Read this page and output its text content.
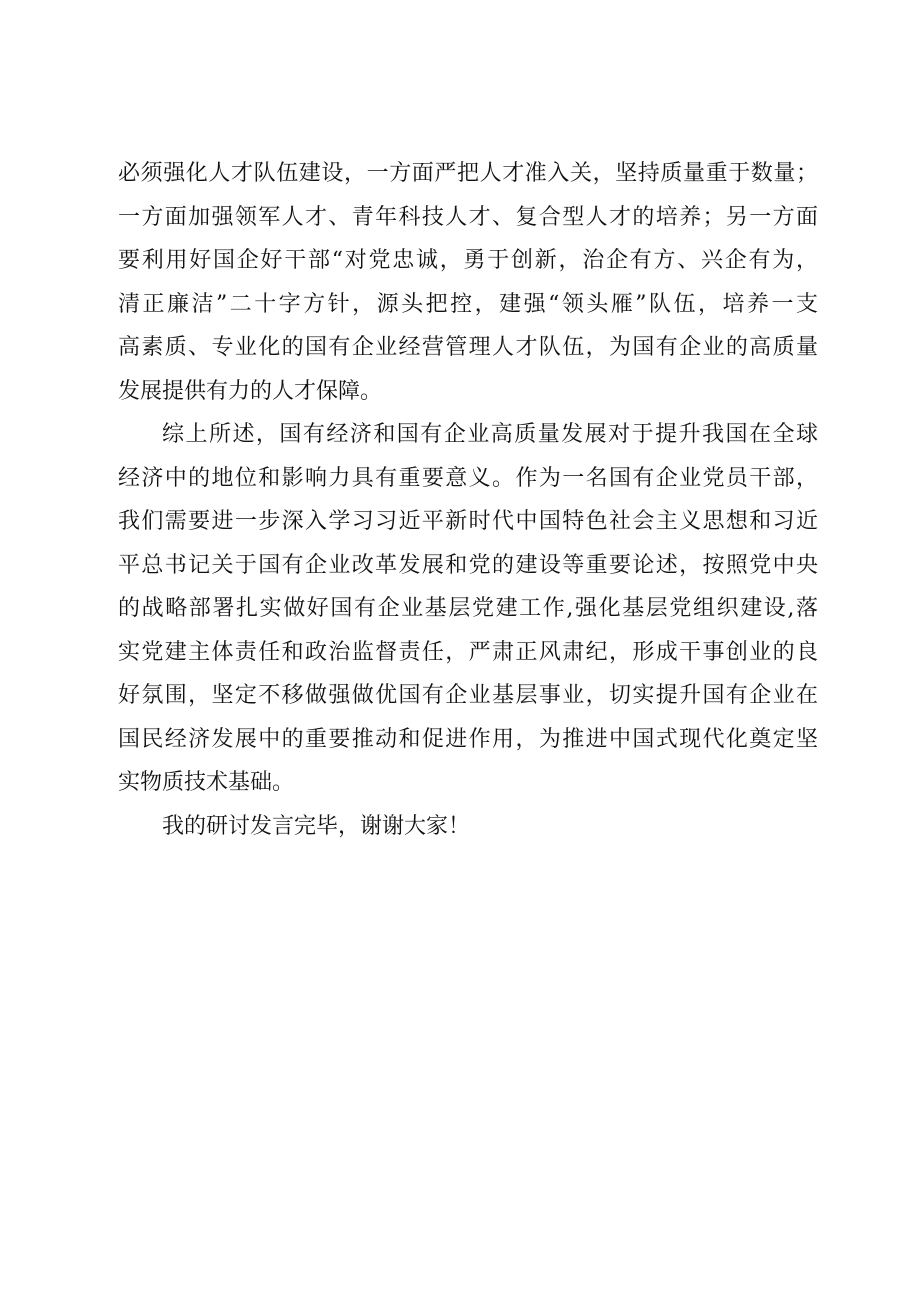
必须强化人才队伍建设，一方面严把人才准入关，坚持质量重于数量；
一方面加强领军人才、青年科技人才、复合型人才的培养；另一方面
要利用好国企好干部“对党忠诚，勇于创新，治企有方、兴企有为，
清正廉洁”二十字方针，源头把控，建强“领头雁”队伍，培养一支
高素质、专业化的国有企业经营管理人才队伍，为国有企业的高质量
发展提供有力的人才保障。
综上所述，国有经济和国有企业高质量发展对于提升我国在全球
经济中的地位和影响力具有重要意义。作为一名国有企业党员干部，
我们需要进一步深入学习习近平新时代中国特色社会主义思想和习近
平总书记关于国有企业改革发展和党的建设等重要论述，按照党中央
的战略部署扎实做好国有企业基层党建工作,强化基层党组织建设,落
实党建主体责任和政治监督责任，严肃正风肃纪，形成干事创业的良
好氛围，坚定不移做强做优国有企业基层事业，切实提升国有企业在
国民经济发展中的重要推动和促进作用，为推进中国式现代化奠定坚
实物质技术基础。
我的研讨发言完毕，谢谢大家！
